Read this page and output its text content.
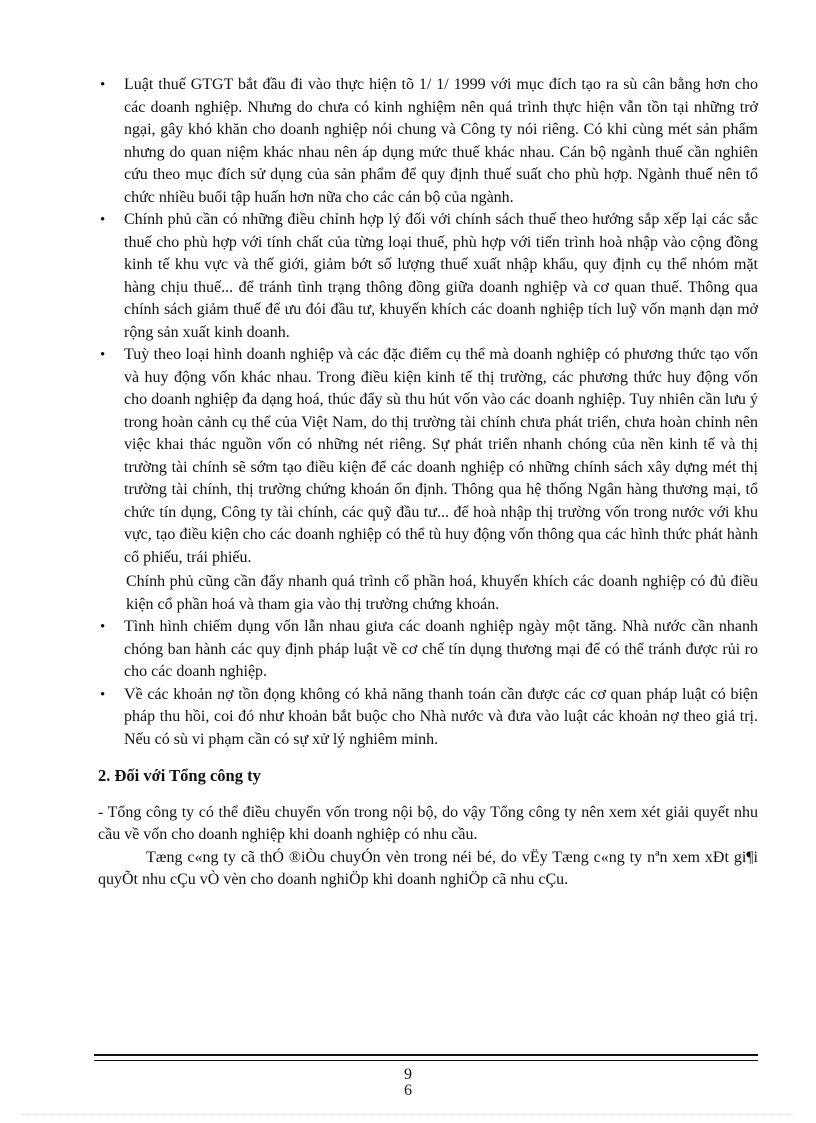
• Luật thuế GTGT bắt đầu đi vào thực hiện tõ 1/ 1/ 1999 với mục đích tạo ra sù cân bằng hơn cho các doanh nghiệp. Nhưng do chưa có kinh nghiệm nên quá trình thực hiện vẫn tồn tại những trở ngại, gây khó khăn cho doanh nghiệp nói chung và Công ty nói riêng. Có khi cùng mét sản phẩm nhưng do quan niệm khác nhau nên áp dụng mức thuế khác nhau. Cán bộ ngành thuế cần nghiên cứu theo mục đích sử dụng của sản phẩm để quy định thuế suất cho phù hợp. Ngành thuế nên tổ chức nhiều buổi tập huấn hơn nữa cho các cán bộ của ngành.

• Chính phủ cần có những điều chỉnh hợp lý đối với chính sách thuế theo hướng sắp xếp lại các sắc thuế cho phù hợp với tính chất của từng loại thuế, phù hợp với tiến trình hoà nhập vào cộng đồng kinh tế khu vực và thế giới, giảm bớt số lượng thuế xuất nhập khẩu, quy định cụ thể nhóm mặt hàng chịu thuế... để tránh tình trạng thông đồng giữa doanh nghiệp và cơ quan thuế. Thông qua chính sách giảm thuế để ưu đói đầu tư, khuyến khích các doanh nghiệp tích luỹ vốn mạnh dạn mở rộng sản xuất kinh doanh.

• Tuỳ theo loại hình doanh nghiệp và các đặc điểm cụ thể mà doanh nghiệp có phương thức tạo vốn và huy động vốn khác nhau. Trong điều kiện kinh tế thị trường, các phương thức huy động vốn cho doanh nghiệp đa dạng hoá, thúc đẩy sù thu hút vốn vào các doanh nghiệp. Tuy nhiên cần lưu ý trong hoàn cảnh cụ thể của Việt Nam, do thị trường tài chính chưa phát triển, chưa hoàn chỉnh nên việc khai thác nguồn vốn có những nét riêng. Sự phát triển nhanh chóng của nền kinh tế và thị trường tài chính sẽ sớm tạo điều kiện để các doanh nghiệp có những chính sách xây dựng mét thị trường tài chính, thị trường chứng khoán ổn định. Thông qua hệ thống Ngân hàng thương mại, tổ chức tín dụng, Công ty tài chính, các quỹ đầu tư... để hoà nhập thị trường vốn trong nước với khu vực, tạo điều kiện cho các doanh nghiệp có thể tù huy động vốn thông qua các hình thức phát hành cổ phiếu, trái phiếu.

Chính phủ cũng cần đẩy nhanh quá trình cổ phần hoá, khuyến khích các doanh nghiệp có đủ điều kiện cổ phần hoá và tham gia vào thị trường chứng khoán.

• Tình hình chiếm dụng vốn lẫn nhau giưa các doanh nghiệp ngày một tăng. Nhà nước cần nhanh chóng ban hành các quy định pháp luật về cơ chế tín dụng thương mại để có thể tránh được rủi ro cho các doanh nghiệp.

• Về các khoản nợ tồn đọng không có khả năng thanh toán cần được các cơ quan pháp luật có biện pháp thu hồi, coi đó như khoản bắt buộc cho Nhà nước và đưa vào luật các khoản nợ theo giá trị. Nếu có sù vi phạm cần có sự xử lý nghiêm minh.

2. Đối với Tổng công ty

- Tổng công ty có thể điều chuyển vốn trong nội bộ, do vậy Tổng công ty nên xem xét giải quyết nhu cầu về vốn cho doanh nghiệp khi doanh nghiệp có nhu cầu.

Tæng c«ng ty cã thÓ ®iÒu chuyÓn vèn trong néi bé, do vËy Tæng c«ng ty nªn xem xÐt gi¶i quyÕt nhu cÇu vÒ vèn cho doanh nghiÖp khi doanh nghiÖp cã nhu cÇu.

9
6
